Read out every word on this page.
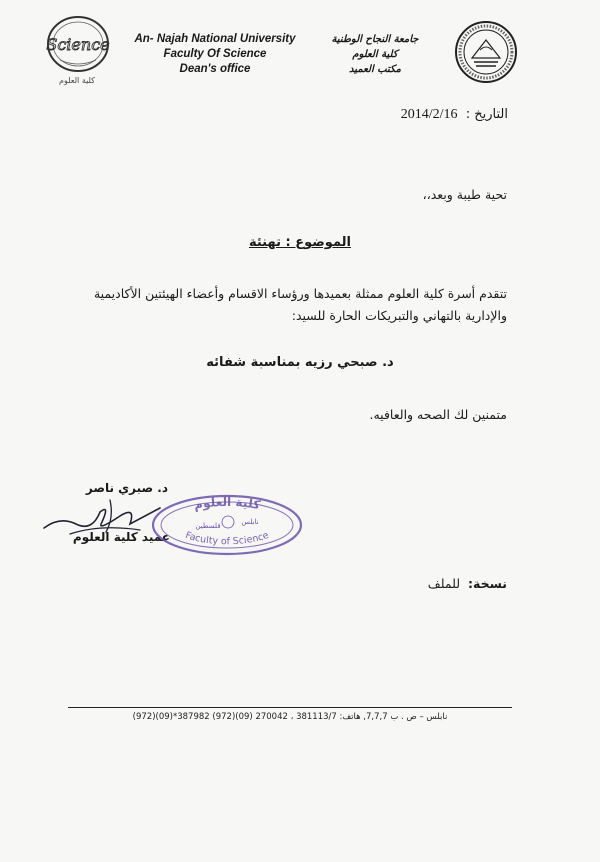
Science
كلية العلوم
An- Najah National University
Faculty Of Science
Dean's office
جامعة النجاح الوطنية
كلية العلوم
مكتب العميد
التاريخ :  2014/2/16
تحية طيبة وبعد،،
الموضوع : تهنئة
تتقدم أسرة كلية العلوم ممثلة بعميدها ورؤساء الاقسام وأعضاء الهيئتين الأكاديمية والإدارية بالتهاني والتبريكات الحارة للسيد:
د. صبحي رزيه بمناسبة شفائه
متمنين لك الصحه والعافيه.
د. صبري ناصر
عميد كلية العلوم
كلية العلوم
Faculty of Science
فلسطين	نابلس
نسخة:  للملف
نابلس – ص . ب 7,7,7, هاتف: 381113/7 ، 270042 (09)(972) 387982*(09)(972)
